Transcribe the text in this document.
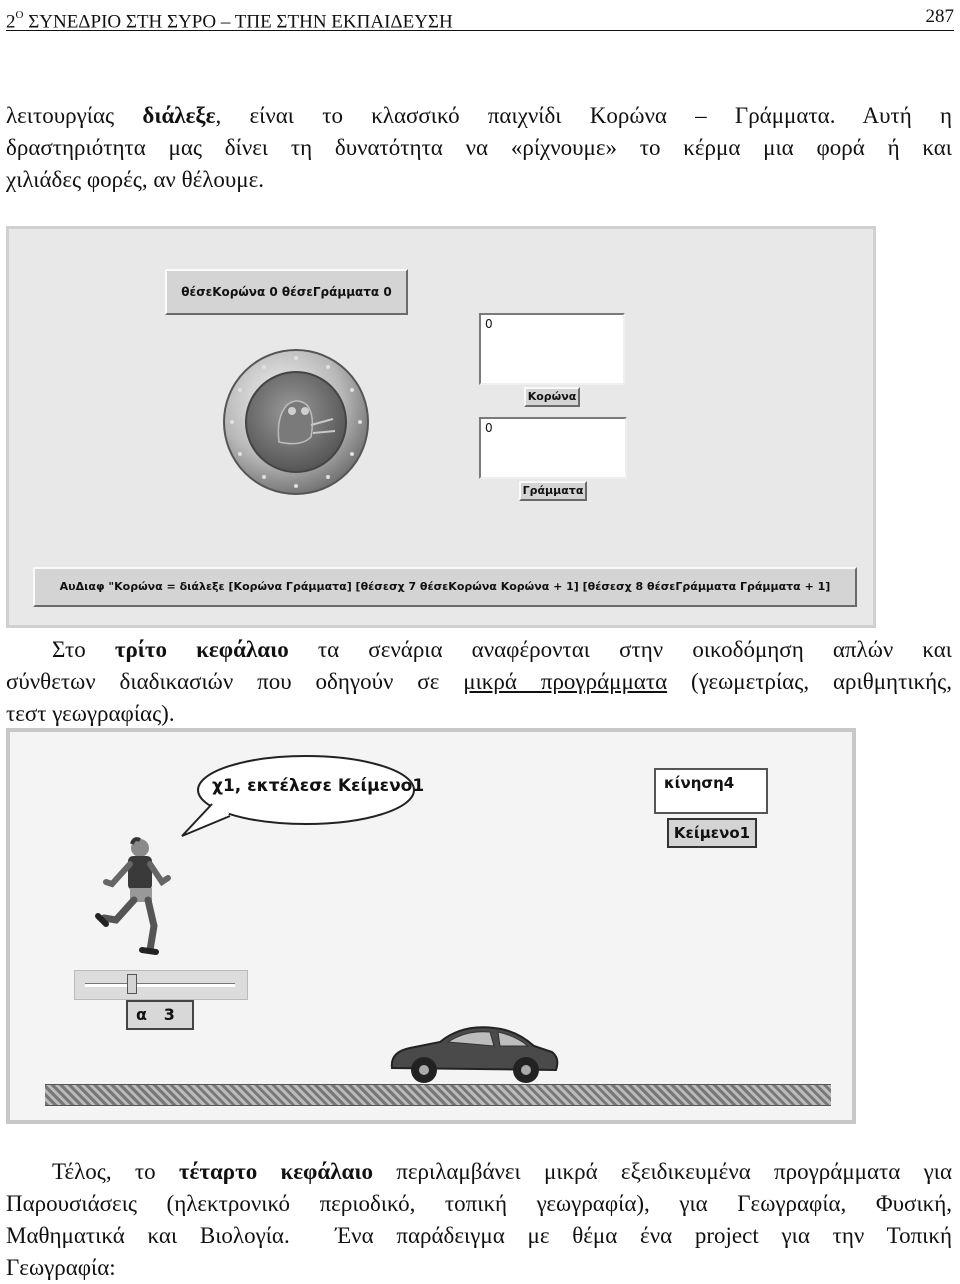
$2^O$ ΣΥΝΕΔΡΙΟ ΣΤΗ ΣΥΡΟ – ΤΠΕ ΣΤΗΝ ΕΚΠΑΙΔΕΥΣΗ	287
λειτουργίας διάλεξε, είναι το κλασσικό παιχνίδι Κορώνα – Γράμματα. Αυτή η
δραστηριότητα μας δίνει τη δυνατότητα να «ρίχνουμε» το κέρμα μια φορά ή και
χιλιάδες φορές, αν θέλουμε.
θέσεΚορώνα 0 θέσεΓράμματα 0
0
Κορώνα
0
Γράμματα
ΑυΔιαφ "Κορώνα = διάλεξε [Κορώνα Γράμματα] [θέσεσχ 7 θέσεΚορώνα Κορώνα + 1] [θέσεσχ 8 θέσεΓράμματα Γράμματα + 1]
Στο τρίτο κεφάλαιο τα σενάρια αναφέρονται στην οικοδόμηση απλών και
σύνθετων διαδικασιών που οδηγούν σε μικρά προγράμματα (γεωμετρίας, αριθμητικής,
τεστ γεωγραφίας).
χ1, εκτέλεσε Κείμενο1	κίνηση4
Κείμενο1
α 3
Τέλος, το τέταρτο κεφάλαιο περιλαμβάνει μικρά εξειδικευμένα προγράμματα για
Παρουσιάσεις (ηλεκτρονικό περιοδικό, τοπική γεωγραφία), για Γεωγραφία, Φυσική,
Μαθηματικά και Βιολογία.  Ένα παράδειγμα με θέμα ένα project για την Τοπική
Γεωγραφία:
